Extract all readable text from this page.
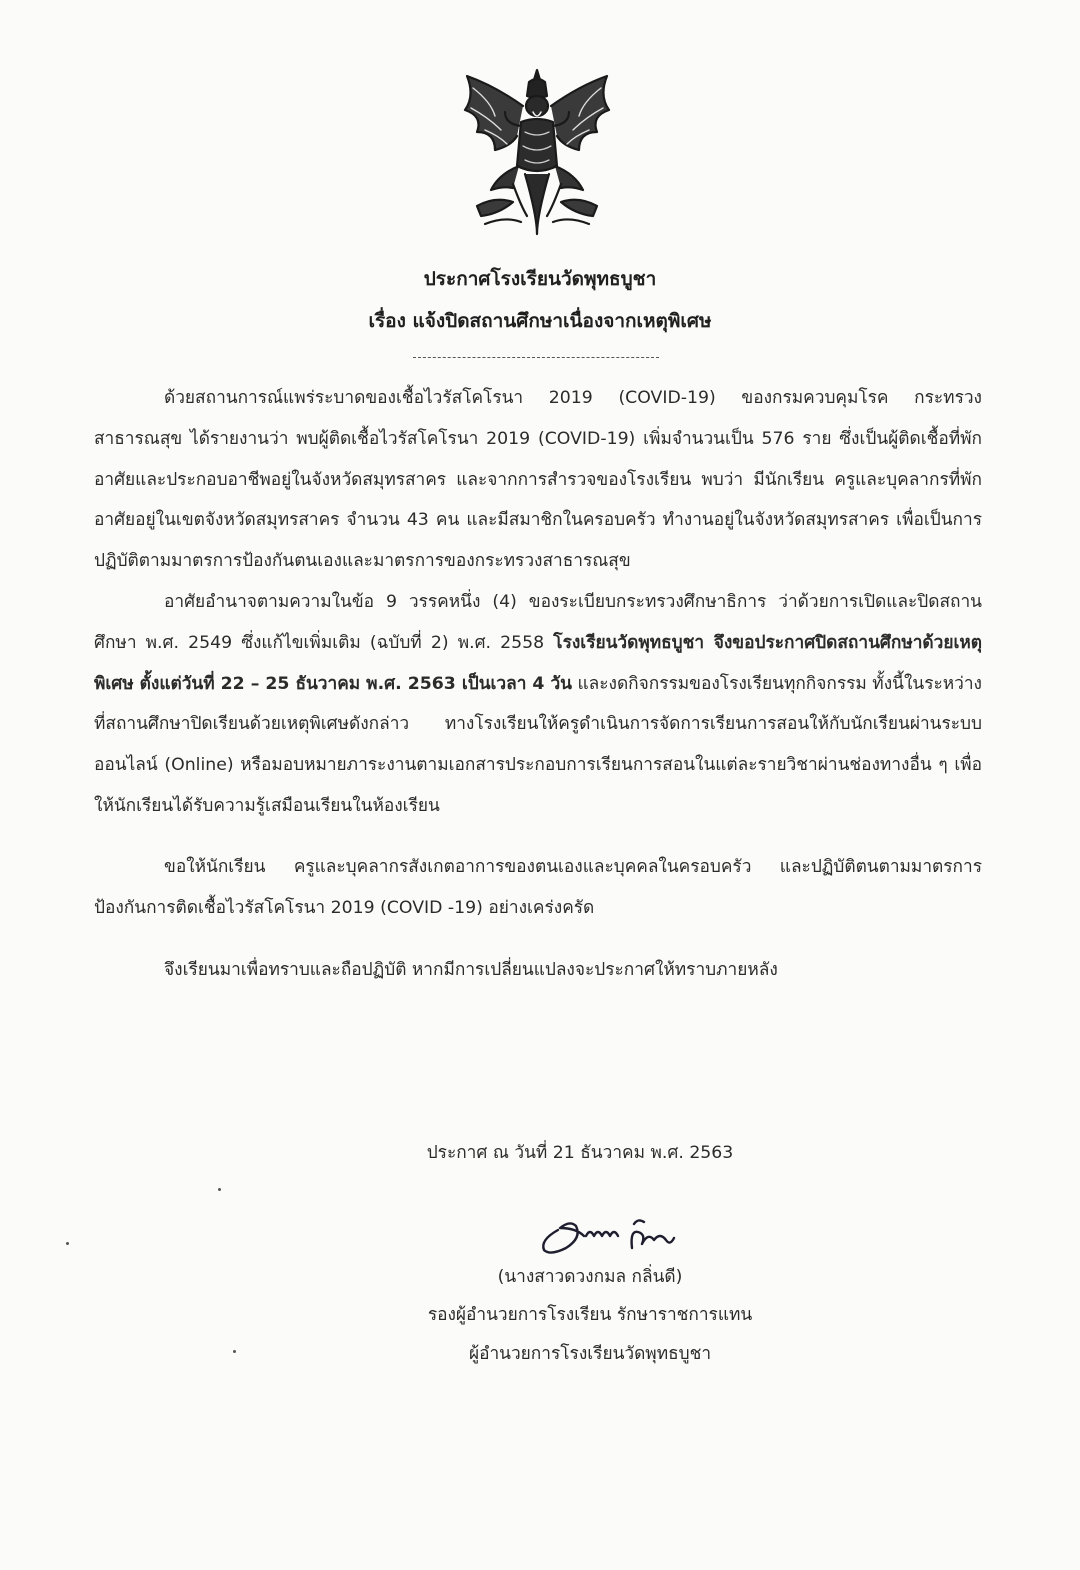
ประกาศโรงเรียนวัดพุทธบูชา
เรื่อง แจ้งปิดสถานศึกษาเนื่องจากเหตุพิเศษ

ด้วยสถานการณ์แพร่ระบาดของเชื้อไวรัสโคโรนา 2019 (COVID-19) ของกรมควบคุมโรค กระทรวงสาธารณสุข ได้รายงานว่า พบผู้ติดเชื้อไวรัสโคโรนา 2019 (COVID-19) เพิ่มจำนวนเป็น 576 ราย ซึ่งเป็นผู้ติดเชื้อที่พักอาศัยและประกอบอาชีพอยู่ในจังหวัดสมุทรสาคร และจากการสำรวจของโรงเรียน พบว่า มีนักเรียน ครูและบุคลากรที่พักอาศัยอยู่ในเขตจังหวัดสมุทรสาคร จำนวน 43 คน และมีสมาชิกในครอบครัว ทำงานอยู่ในจังหวัดสมุทรสาคร เพื่อเป็นการปฏิบัติตามมาตรการป้องกันตนเองและมาตรการของกระทรวงสาธารณสุข

อาศัยอำนาจตามความในข้อ 9 วรรคหนึ่ง (4) ของระเบียบกระทรวงศึกษาธิการ ว่าด้วยการเปิดและปิดสถานศึกษา พ.ศ. 2549 ซึ่งแก้ไขเพิ่มเติม (ฉบับที่ 2) พ.ศ. 2558 โรงเรียนวัดพุทธบูชา จึงขอประกาศปิดสถานศึกษาด้วยเหตุพิเศษ ตั้งแต่วันที่ 22 – 25 ธันวาคม พ.ศ. 2563 เป็นเวลา 4 วัน และงดกิจกรรมของโรงเรียนทุกกิจกรรม ทั้งนี้ในระหว่างที่สถานศึกษาปิดเรียนด้วยเหตุพิเศษดังกล่าว ทางโรงเรียนให้ครูดำเนินการจัดการเรียนการสอนให้กับนักเรียนผ่านระบบออนไลน์ (Online) หรือมอบหมายภาระงานตามเอกสารประกอบการเรียนการสอนในแต่ละรายวิชาผ่านช่องทางอื่น ๆ เพื่อให้นักเรียนได้รับความรู้เสมือนเรียนในห้องเรียน

ขอให้นักเรียน ครูและบุคลากรสังเกตอาการของตนเองและบุคคลในครอบครัว และปฏิบัติตนตามมาตรการป้องกันการติดเชื้อไวรัสโคโรนา 2019 (COVID -19) อย่างเคร่งครัด

จึงเรียนมาเพื่อทราบและถือปฏิบัติ หากมีการเปลี่ยนแปลงจะประกาศให้ทราบภายหลัง

ประกาศ ณ วันที่ 21 ธันวาคม พ.ศ. 2563
(นางสาวดวงกมล กลิ่นดี)
รองผู้อำนวยการโรงเรียน รักษาราชการแทน
ผู้อำนวยการโรงเรียนวัดพุทธบูชา
